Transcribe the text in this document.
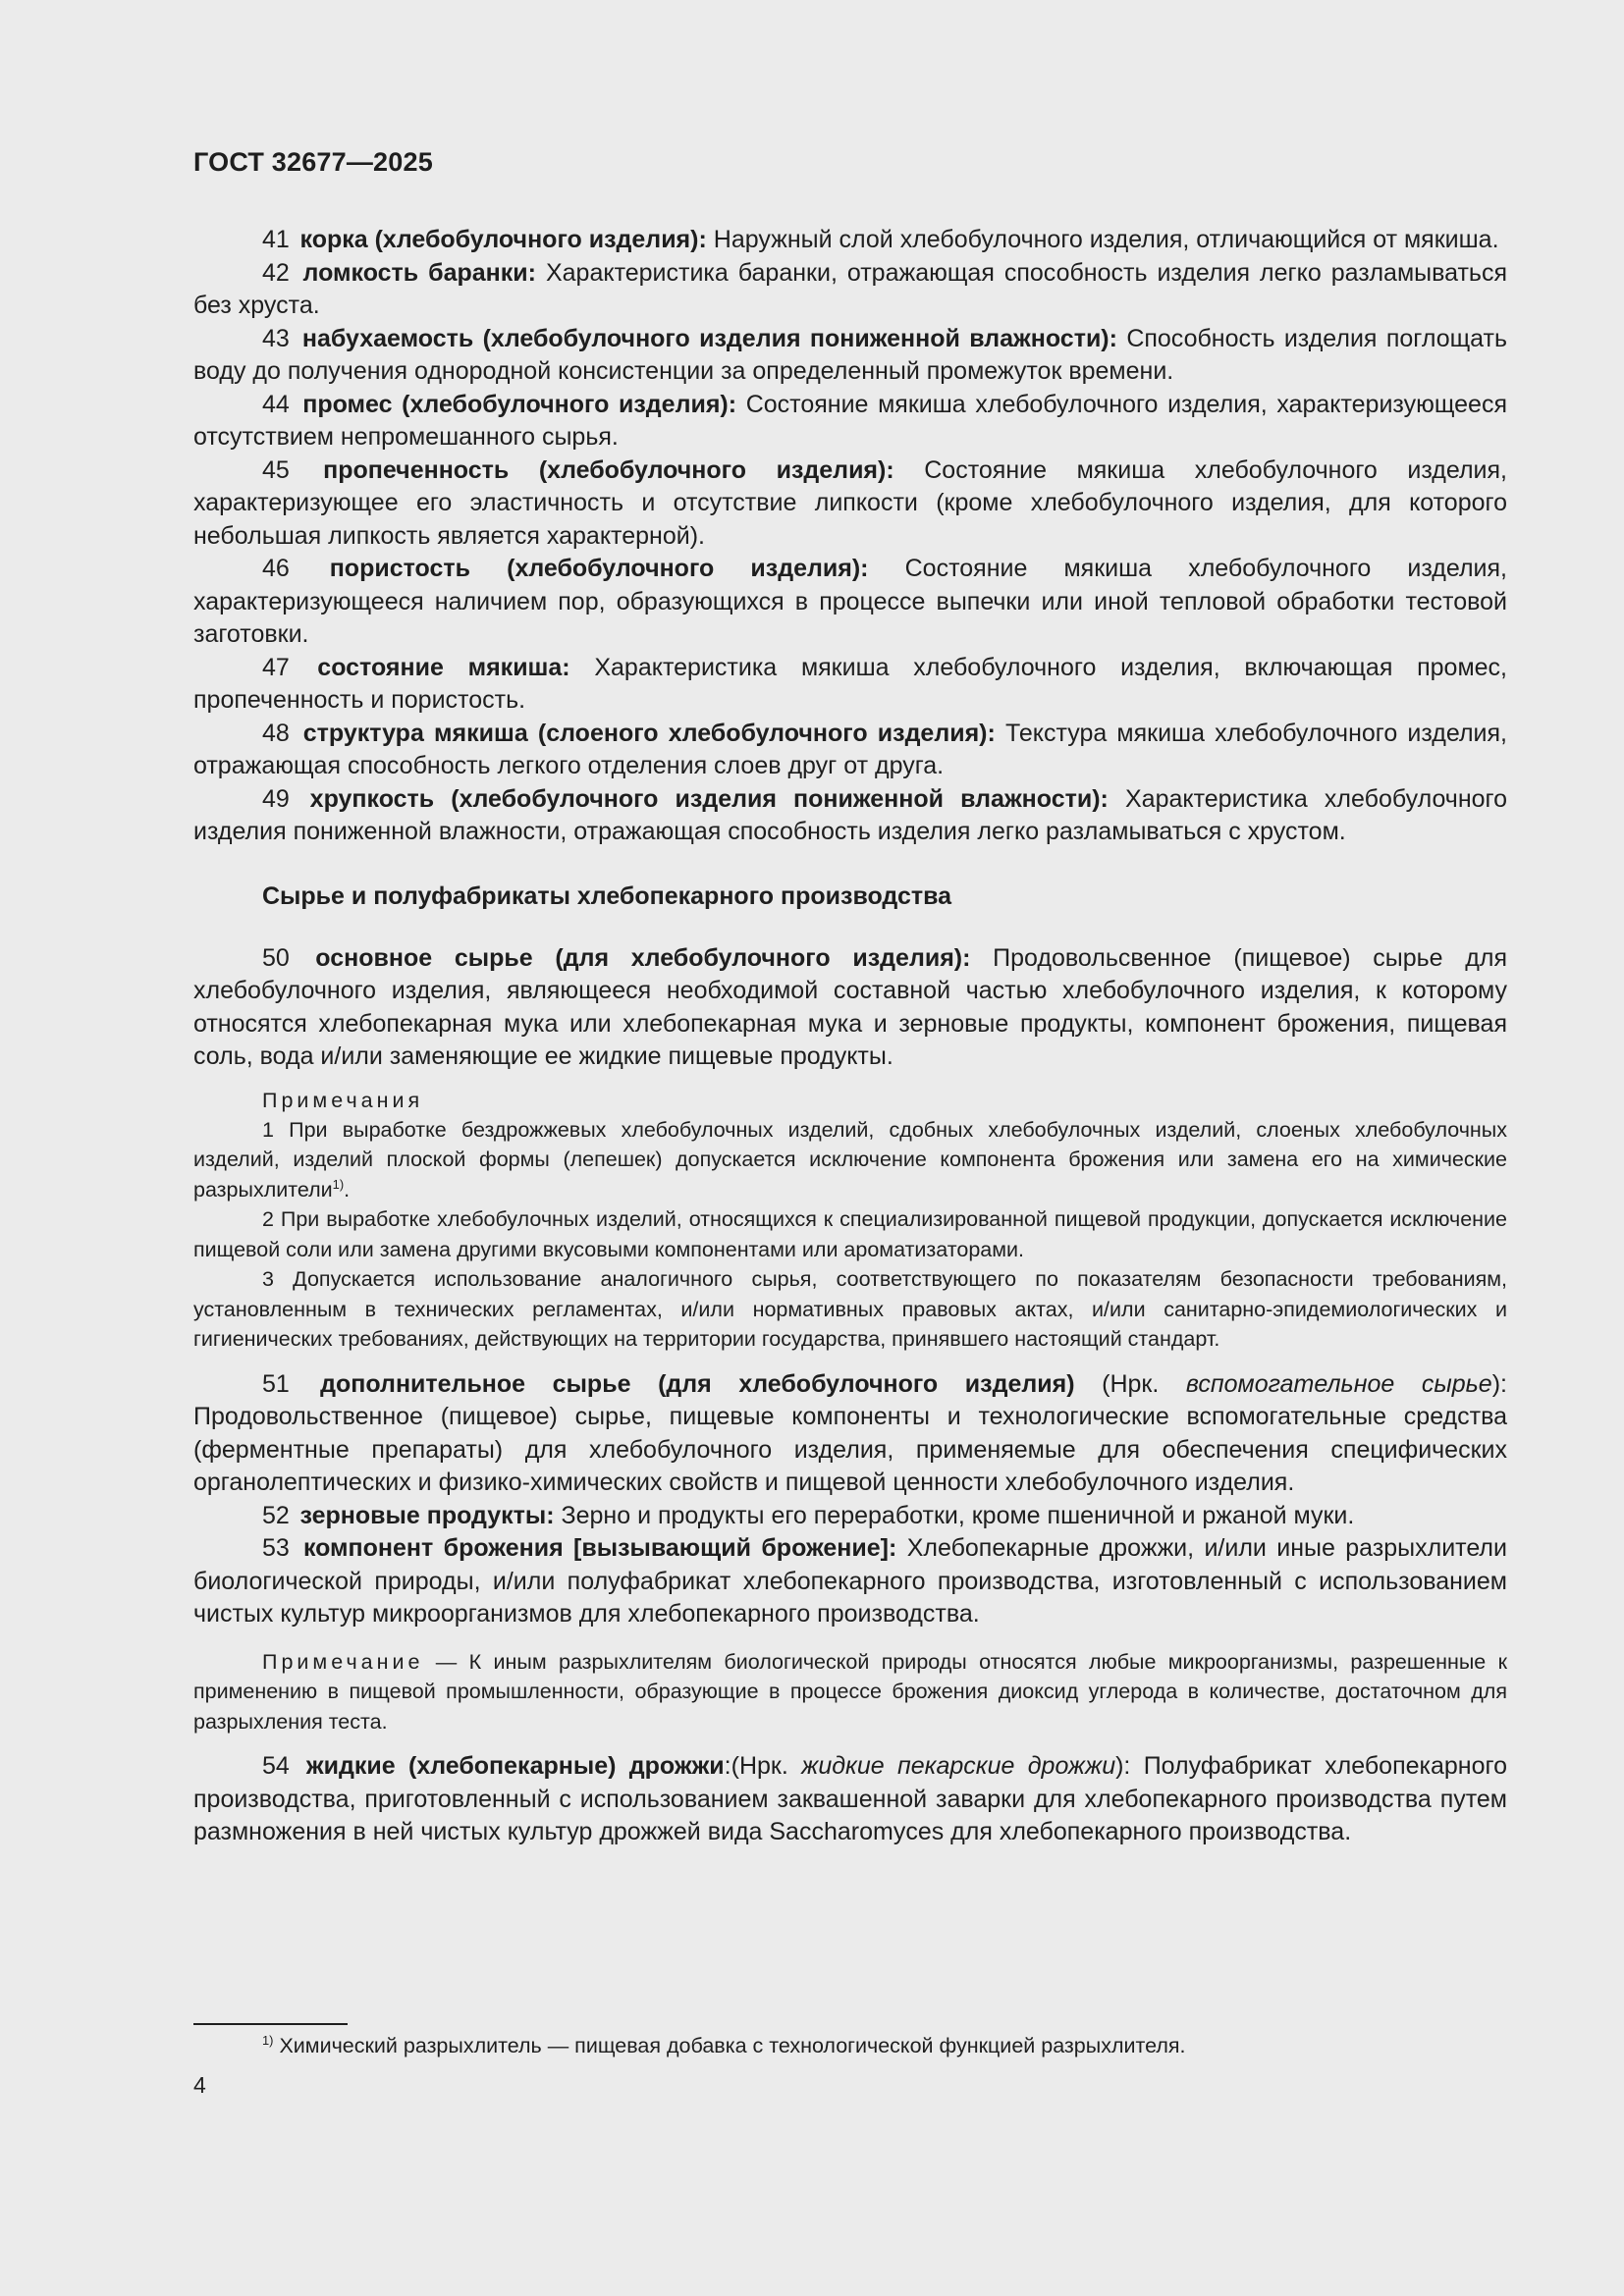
ГОСТ 32677—2025

41 корка (хлебобулочного изделия): Наружный слой хлебобулочного изделия, отличающийся от мякиша.

42 ломкость баранки: Характеристика баранки, отражающая способность изделия легко разламываться без хруста.

43 набухаемость (хлебобулочного изделия пониженной влажности): Способность изделия поглощать воду до получения однородной консистенции за определенный промежуток времени.

44 промес (хлебобулочного изделия): Состояние мякиша хлебобулочного изделия, характеризующееся отсутствием непромешанного сырья.

45 пропеченность (хлебобулочного изделия): Состояние мякиша хлебобулочного изделия, характеризующее его эластичность и отсутствие липкости (кроме хлебобулочного изделия, для которого небольшая липкость является характерной).

46 пористость (хлебобулочного изделия): Состояние мякиша хлебобулочного изделия, характеризующееся наличием пор, образующихся в процессе выпечки или иной тепловой обработки тестовой заготовки.

47 состояние мякиша: Характеристика мякиша хлебобулочного изделия, включающая промес, пропеченность и пористость.

48 структура мякиша (слоеного хлебобулочного изделия): Текстура мякиша хлебобулочного изделия, отражающая способность легкого отделения слоев друг от друга.

49 хрупкость (хлебобулочного изделия пониженной влажности): Характеристика хлебобулочного изделия пониженной влажности, отражающая способность изделия легко разламываться с хрустом.

Сырье и полуфабрикаты хлебопекарного производства

50 основное сырье (для хлебобулочного изделия): Продовольсвенное (пищевое) сырье для хлебобулочного изделия, являющееся необходимой составной частью хлебобулочного изделия, к которому относятся хлебопекарная мука или хлебопекарная мука и зерновые продукты, компонент брожения, пищевая соль, вода и/или заменяющие ее жидкие пищевые продукты.

Примечания

1 При выработке бездрожжевых хлебобулочных изделий, сдобных хлебобулочных изделий, слоеных хлебобулочных изделий, изделий плоской формы (лепешек) допускается исключение компонента брожения или замена его на химические разрыхлители$^{1)}$.

2 При выработке хлебобулочных изделий, относящихся к специализированной пищевой продукции, допускается исключение пищевой соли или замена другими вкусовыми компонентами или ароматизаторами.

3 Допускается использование аналогичного сырья, соответствующего по показателям безопасности требованиям, установленным в технических регламентах, и/или нормативных правовых актах, и/или санитарно-эпидемиологических и гигиенических требованиях, действующих на территории государства, принявшего настоящий стандарт.

51 дополнительное сырье (для хлебобулочного изделия) (Нрк. вспомогательное сырье): Продовольственное (пищевое) сырье, пищевые компоненты и технологические вспомогательные средства (ферментные препараты) для хлебобулочного изделия, применяемые для обеспечения специфических органолептических и физико-химических свойств и пищевой ценности хлебобулочного изделия.

52 зерновые продукты: Зерно и продукты его переработки, кроме пшеничной и ржаной муки.

53 компонент брожения [вызывающий брожение]: Хлебопекарные дрожжи, и/или иные разрыхлители биологической природы, и/или полуфабрикат хлебопекарного производства, изготовленный с использованием чистых культур микроорганизмов для хлебопекарного производства.

Примечание — К иным разрыхлителям биологической природы относятся любые микроорганизмы, разрешенные к применению в пищевой промышленности, образующие в процессе брожения диоксид углерода в количестве, достаточном для разрыхления теста.

54 жидкие (хлебопекарные) дрожжи:(Нрк. жидкие пекарские дрожжи): Полуфабрикат хлебопекарного производства, приготовленный с использованием заквашенной заварки для хлебопекарного производства путем размножения в ней чистых культур дрожжей вида Saccharomyces для хлебопекарного производства.

$^{1)}$ Химический разрыхлитель — пищевая добавка с технологической функцией разрыхлителя.
4
